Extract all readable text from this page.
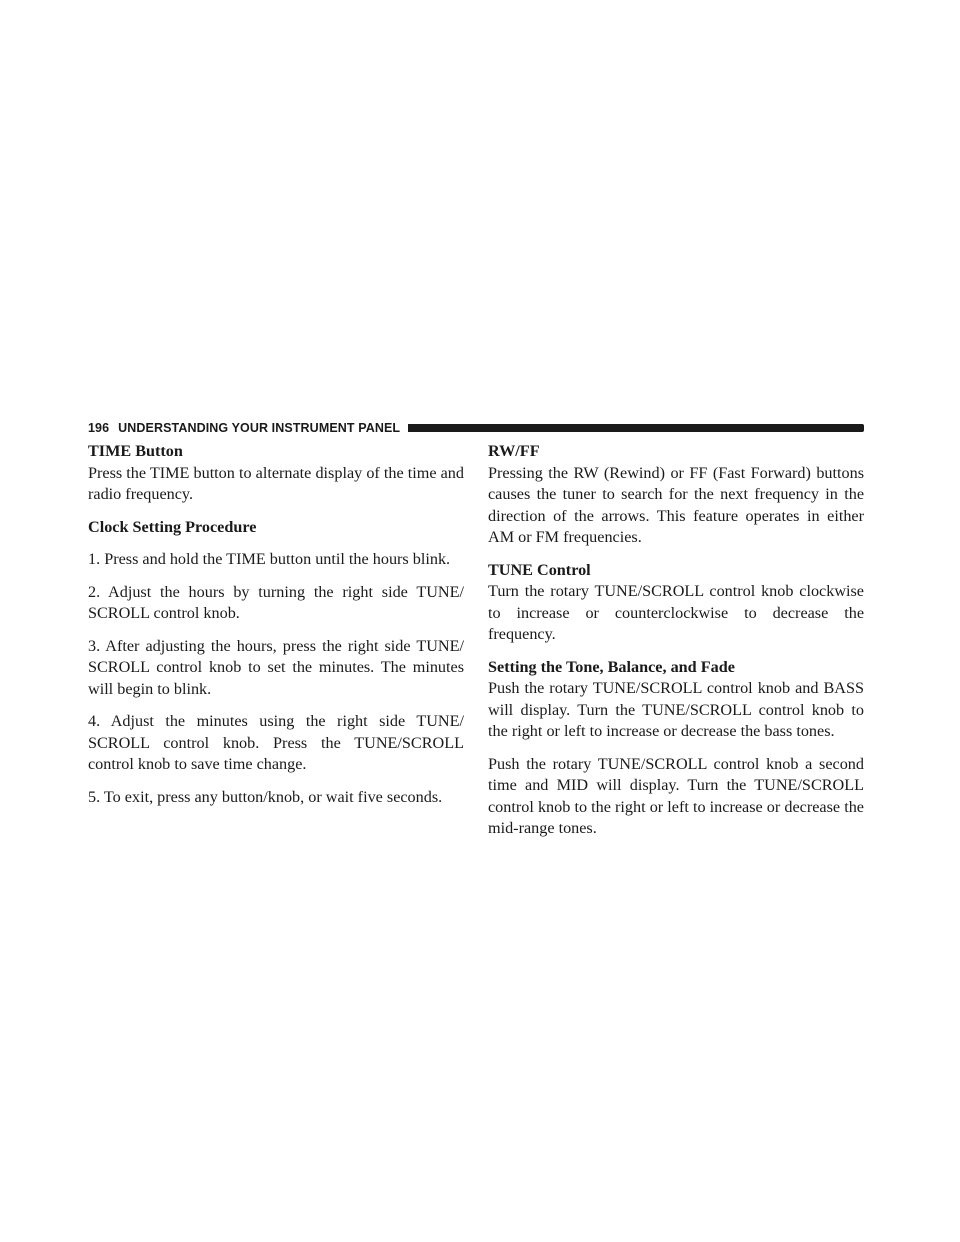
196 UNDERSTANDING YOUR INSTRUMENT PANEL
TIME Button

Press the TIME button to alternate display of the time and radio frequency.

Clock Setting Procedure

1. Press and hold the TIME button until the hours blink.

2. Adjust the hours by turning the right side TUNE/ SCROLL control knob.

3. After adjusting the hours, press the right side TUNE/ SCROLL control knob to set the minutes. The minutes will begin to blink.

4. Adjust the minutes using the right side TUNE/ SCROLL control knob. Press the TUNE/SCROLL control knob to save time change.

5. To exit, press any button/knob, or wait five seconds.

RW/FF

Pressing the RW (Rewind) or FF (Fast Forward) buttons causes the tuner to search for the next frequency in the direction of the arrows. This feature operates in either AM or FM frequencies.

TUNE Control

Turn the rotary TUNE/SCROLL control knob clockwise to increase or counterclockwise to decrease the frequency.

Setting the Tone, Balance, and Fade

Push the rotary TUNE/SCROLL control knob and BASS will display. Turn the TUNE/SCROLL control knob to the right or left to increase or decrease the bass tones.

Push the rotary TUNE/SCROLL control knob a second time and MID will display. Turn the TUNE/SCROLL control knob to the right or left to increase or decrease the mid-range tones.
